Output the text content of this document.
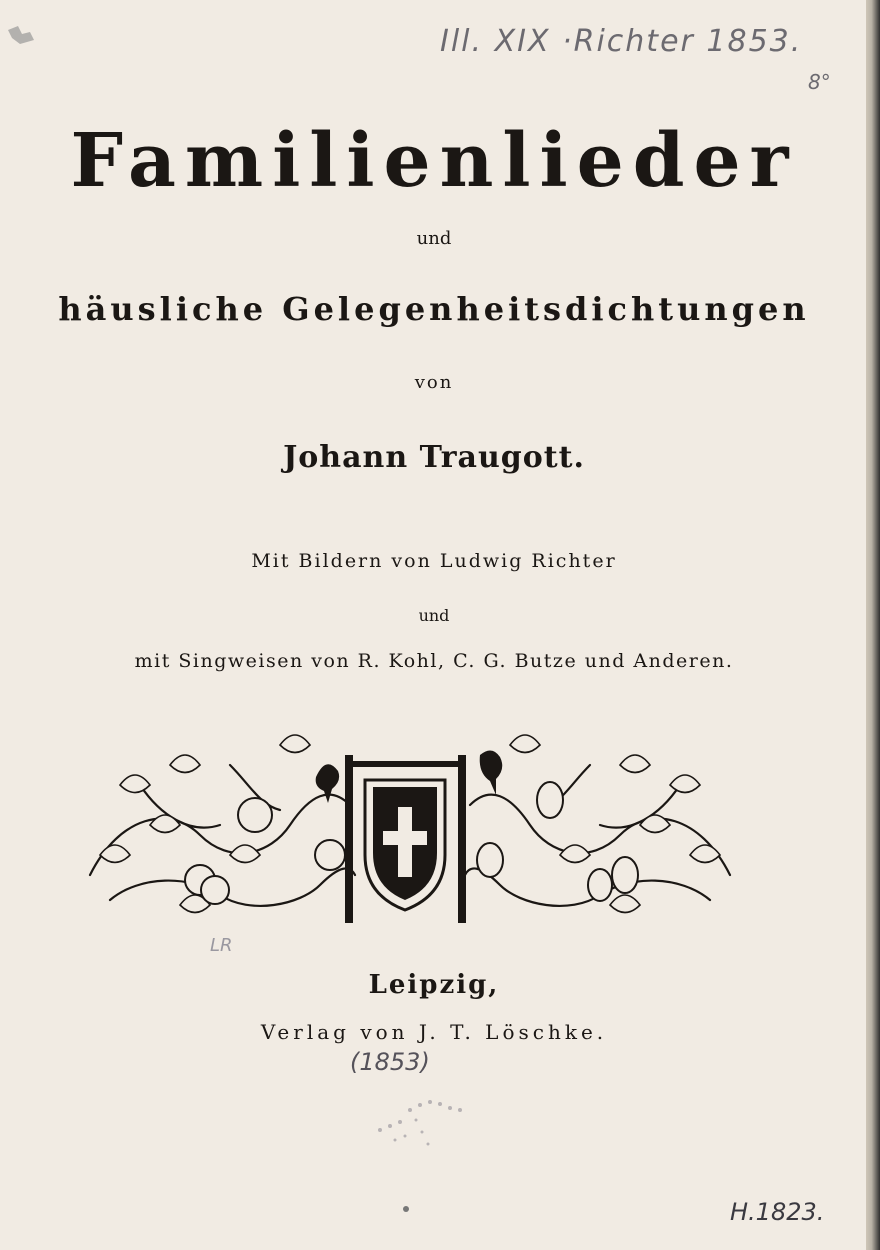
Ill. XIX ·Richter 1853.
8°
Familienlieder
und
häusliche Gelegenheitsdichtungen
von
Johann Traugott.
Mit Bildern von Ludwig Richter
und
mit Singweisen von R. Kohl, C. G. Butze und Anderen.
LR
Leipzig,
Verlag von J. T. Löschke.
(1853)
H.1823.
